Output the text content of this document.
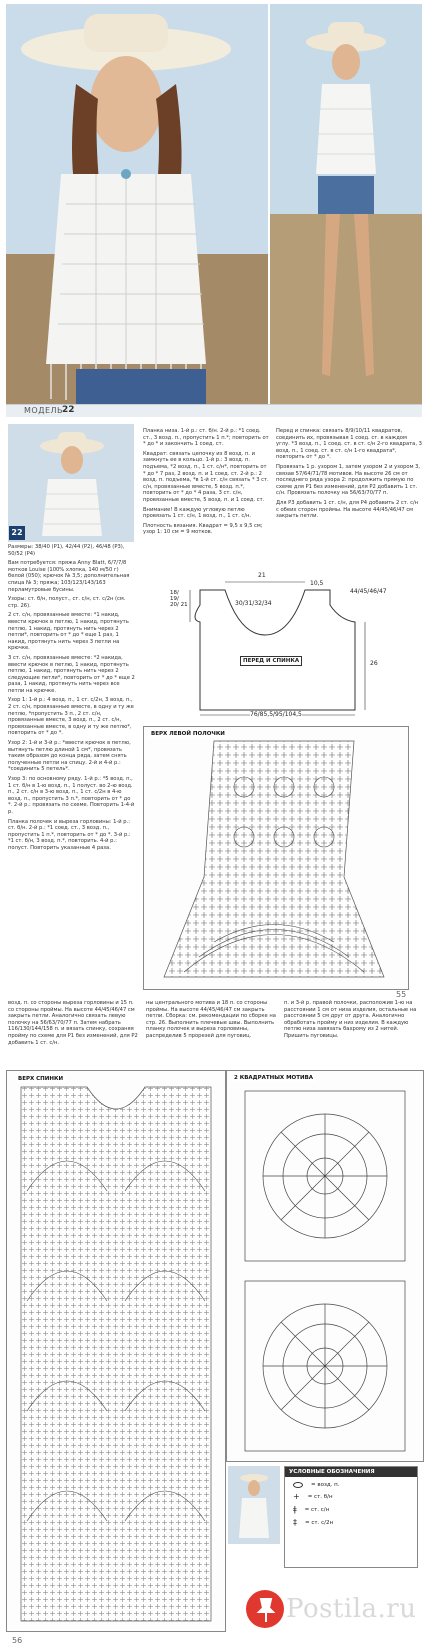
МОДЕЛЬ
22
22
Размеры: 38/40 (P1), 42/44 (P2), 46/48 (P3), 50/52 (P4)
Вам потребуется: пряжа Anny Blatt, 6/7/7/8 мотков Louise (100% хлопка, 140 м/50 г) белой (050); крючок № 3,5; дополнительная спица № 3; пряжа; 103/123/143/163 перламутровые бусины.
Узоры: ст. б/н, полуст., ст. с/н, ст. с/2н (см. стр. 26).
2 ст. с/н, провязанные вместе: *1 накид, ввести крючок в петлю, 1 накид, протянуть петлю, 1 накид, протянуть нить через 2 петли*, повторить от * до * еще 1 раз, 1 накид, протянуть нить через 3 петли на крючке.
3 ст. с/н, провязанные вместе: *2 накида, ввести крючок в петлю, 1 накид, протянуть петлю, 1 накид, протянуть нить через 2 следующие петли*, повторить от * до * еще 2 раза, 1 накид, протянуть нить через все петли на крючке.
Узор 1: 1-й р.: 4 возд. п., 1 ст. с/2н, 3 возд. п., 2 ст. с/н, провязанные вместе, в одну и ту же петлю, *пропустить 3 п., 2 ст. с/н, провязанные вместе, 3 возд. п., 2 ст. с/н, провязанные вместе, в одну и ту же петлю*, повторить от * до *.
Узор 2: 1-й и 3-й р.: *ввести крючок в петлю, вытянуть петлю длиной 1 см*, провязать таким образом до конца ряда, затем снять полученные петли на спицу. 2-й и 4-й р.: *соединить 5 петель*.
Узор 3: по основному ряду. 1-й р.: *5 возд. п., 1 ст. б/н в 1-ю возд. п., 1 полуст. во 2-ю возд. п., 2 ст. с/н в 3-ю возд. п., 1 ст. с/2н в 4-ю возд. п., пропустить 3 п.*, повторить от * до *. 2-й р.: провязать по схеме. Повторить 1-4-й р.
Планка полочек и выреза горловины: 1-й р.: ст. б/н. 2-й р.: *1 соед. ст., 3 возд. п., пропустить 1 п.*, повторить от * до *. 3-й р.: *1 ст. б/н, 3 возд. п.*, повторить. 4-й р.: полуст. Повторить указанные 4 раза.
Планка низа. 1-й р.: ст. б/н. 2-й р.: *1 соед. ст., 3 возд. п., пропустить 1 п.*; повторить от * до * и закончить 1 соед. ст.
Квадрат: связать цепочку из 8 возд. п. и замкнуть ее в кольцо. 1-й р.: 3 возд. п. подъема, *2 возд. п., 1 ст. с/н*, повторить от * до * 7 раз, 2 возд. п. и 1 соед. ст. 2-й р.: 2 возд. п. подъема, *в 1-й ст. с/н связать * 3 ст. с/н, провязанные вместе, 5 возд. п.*, повторить от * до * 4 раза, 3 ст. с/н, провязанные вместе, 5 возд. п. и 1 соед. ст.
Внимание! В каждую угловую петлю провязать 1 ст. с/н, 1 возд. п., 1 ст. с/н.
Плотность вязания. Квадрат = 9,5 x 9,5 см; узор 1: 10 см = 9 мотков.
Перед и спинка: связать 8/9/10/11 квадратов, соединить их, провязывая 1 соед. ст. в каждом углу. *3 возд. п., 1 соед. ст. в ст. с/н 2-го квадрата, 3 возд. п., 1 соед. ст. в ст. с/н 1-го квадрата*, повторить от * до *.
Провязать 1 р. узором 1, затем узором 2 и узором 3, связав 57/64/71/78 мотивов. На высоте 26 см от последнего ряда узора 2: продолжить прямую по схеме для P1 без изменений, для P2 добавить 1 ст. с/н. Провязать полочку на 56/63/70/77 п.
Для P3 добавить 1 ст. с/н, для P4 добавить 2 ст. с/н с обеих сторон проймы. На высоте 44/45/46/47 см закрыть петли.
21
10,5
30/31/32/34
44/45/46/47
26
18/ 19/ 20/ 21
ПЕРЕД И СПИНКА
76/85,5/95/104,5
ВЕРХ ЛЕВОЙ ПОЛОЧКИ
55
возд. п. со стороны выреза горловины и 15 п. со стороны проймы. На высоте 44/45/46/47 см закрыть петли. Аналогично связать левую полочку на 56/63/70/77 п. Затем набрать 116/130/144/158 п. и вязать спинку, сохраняя пройму по схеме для P1 без изменений, для P2 добавить 1 ст. с/н.
ны центрального мотива и 18 п. со стороны проймы. На высоте 44/45/46/47 см закрыть петли. Сборка: см. рекомендации по сборке на стр. 26. Выполнить плечевые швы. Выполнить планку полочек и выреза горловины, распределив 5 прорезей для пуговиц.
п. и 3-й р. правой полочки, расположив 1-ю на расстоянии 1 см от низа изделия, остальные на расстоянии 5 см друг от друга. Аналогично обработать пройму и низ изделия. В каждую петлю низа завязать бахрому из 2 нитей. Пришить пуговицы.
ВЕРХ СПИНКИ	2 КВАДРАТНЫХ МОТИВА
УСЛОВНЫЕ ОБОЗНАЧЕНИЯ
= возд. п.
+ = ст. б/н
ǂ = ст. с/н
‡ = ст. с/2н
56
Postila.ru
